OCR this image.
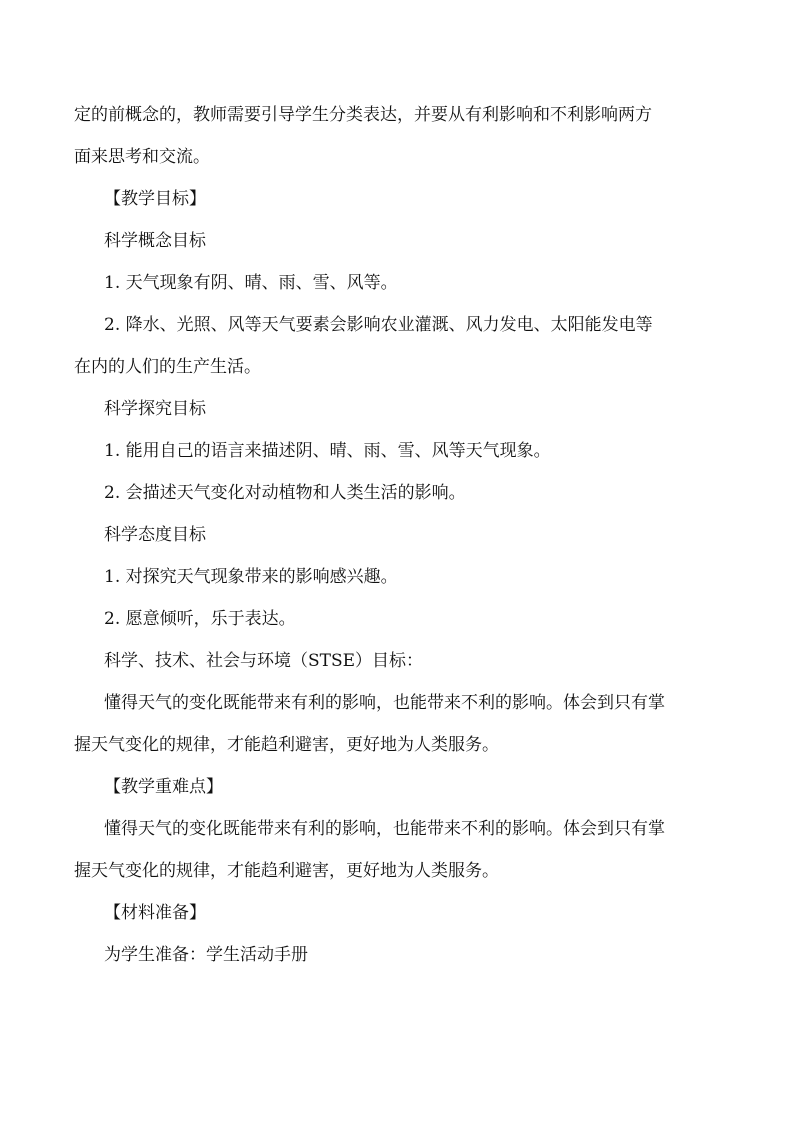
定的前概念的，教师需要引导学生分类表达，并要从有利影响和不利影响两方
面来思考和交流。
【教学目标】
科学概念目标
1. 天气现象有阴、晴、雨、雪、风等。
2. 降水、光照、风等天气要素会影响农业灌溉、风力发电、太阳能发电等
在内的人们的生产生活。
科学探究目标
1. 能用自己的语言来描述阴、晴、雨、雪、风等天气现象。
2. 会描述天气变化对动植物和人类生活的影响。
科学态度目标
1. 对探究天气现象带来的影响感兴趣。
2. 愿意倾听，乐于表达。
科学、技术、社会与环境（STSE）目标：
懂得天气的变化既能带来有利的影响，也能带来不利的影响。体会到只有掌
握天气变化的规律，才能趋利避害，更好地为人类服务。
【教学重难点】
懂得天气的变化既能带来有利的影响，也能带来不利的影响。体会到只有掌
握天气变化的规律，才能趋利避害，更好地为人类服务。
【材料准备】
为学生准备：学生活动手册
